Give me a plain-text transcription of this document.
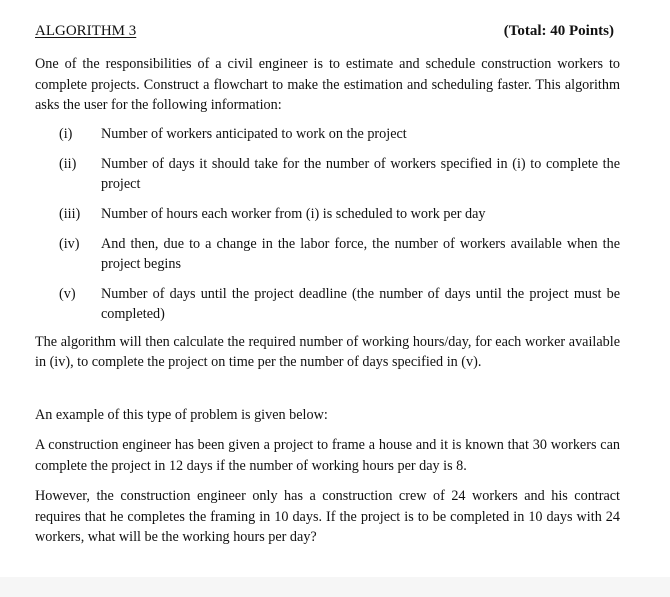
ALGORITHM 3	(Total: 40 Points)

One of the responsibilities of a civil engineer is to estimate and schedule construction workers to complete projects. Construct a flowchart to make the estimation and scheduling faster. This algorithm asks the user for the following information:

(i)	Number of workers anticipated to work on the project
(ii)	Number of days it should take for the number of workers specified in (i) to complete the project
(iii)	Number of hours each worker from (i) is scheduled to work per day
(iv)	And then, due to a change in the labor force, the number of workers available when the project begins
(v)	Number of days until the project deadline (the number of days until the project must be completed)

The algorithm will then calculate the required number of working hours/day, for each worker available in (iv), to complete the project on time per the number of days specified in (v).

An example of this type of problem is given below:

A construction engineer has been given a project to frame a house and it is known that 30 workers can complete the project in 12 days if the number of working hours per day is 8.

However, the construction engineer only has a construction crew of 24 workers and his contract requires that he completes the framing in 10 days. If the project is to be completed in 10 days with 24 workers, what will be the working hours per day?
